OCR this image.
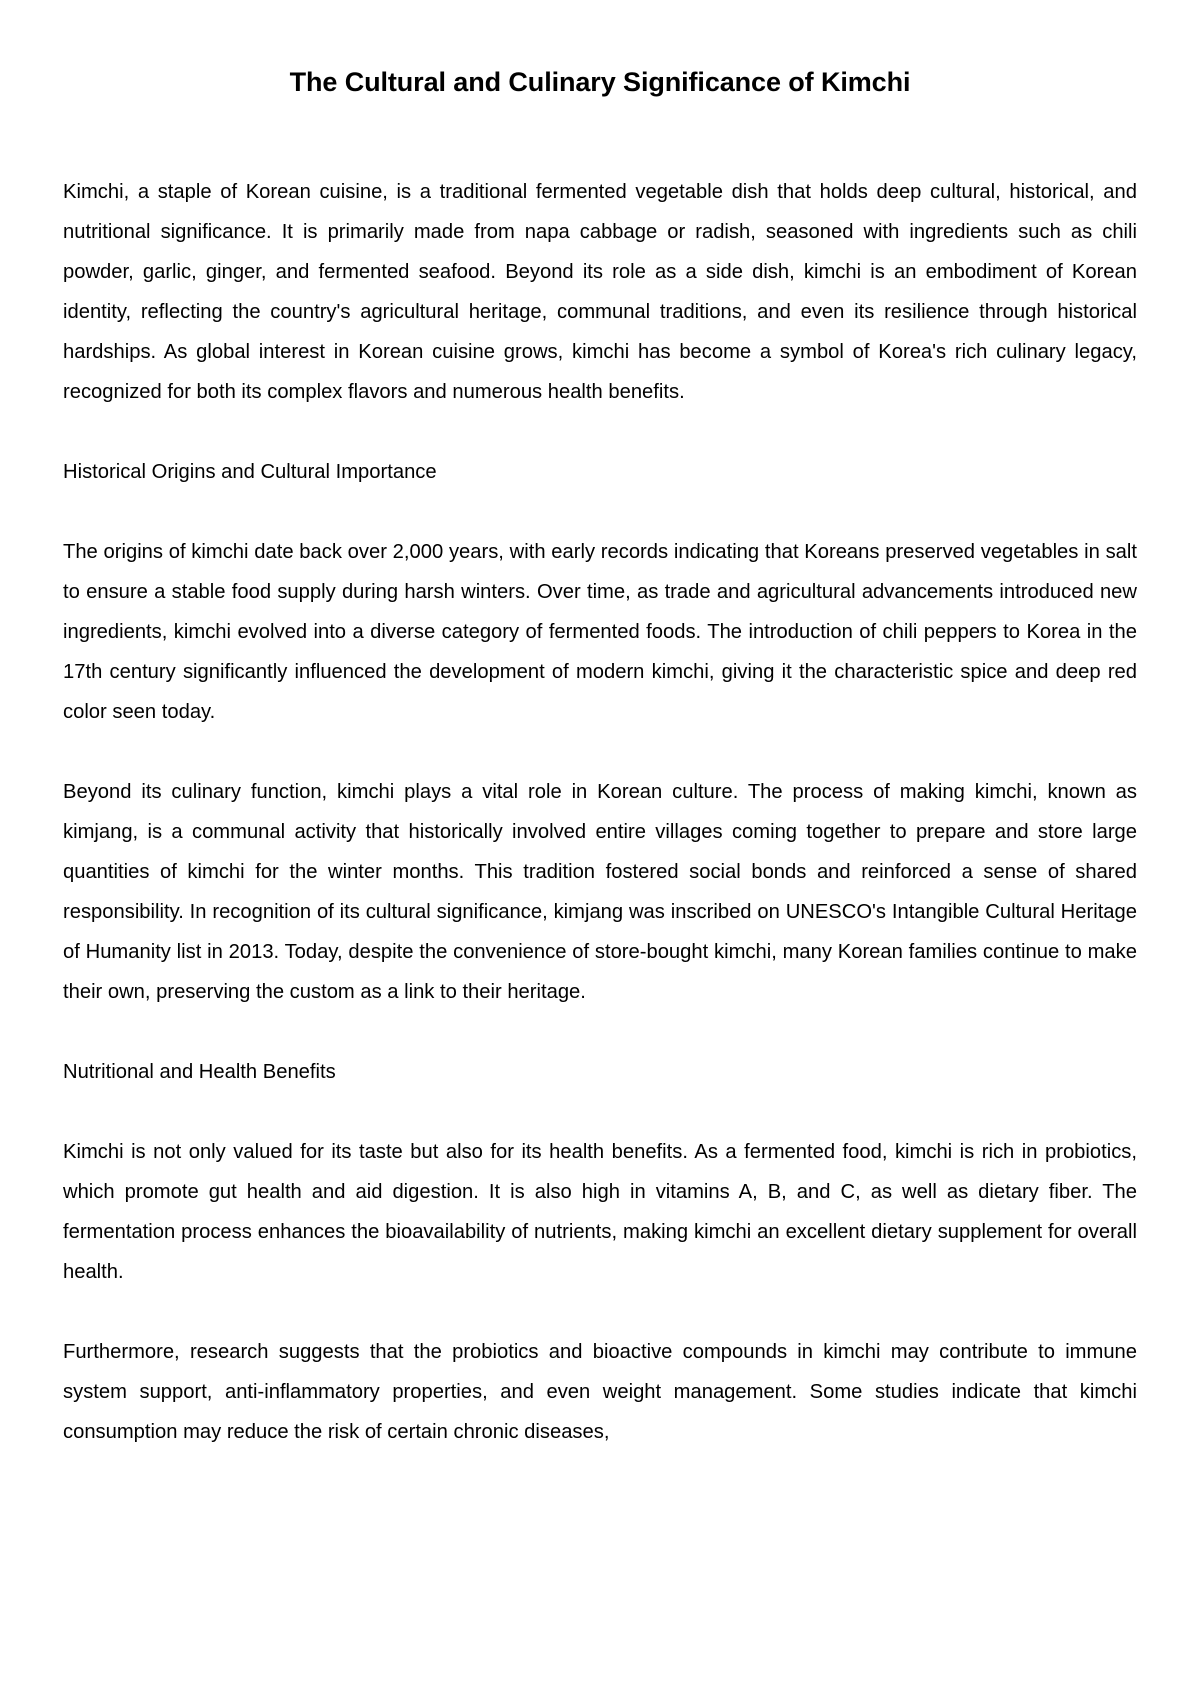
The Cultural and Culinary Significance of Kimchi

Kimchi, a staple of Korean cuisine, is a traditional fermented vegetable dish that holds deep cultural, historical, and nutritional significance. It is primarily made from napa cabbage or radish, seasoned with ingredients such as chili powder, garlic, ginger, and fermented seafood. Beyond its role as a side dish, kimchi is an embodiment of Korean identity, reflecting the country's agricultural heritage, communal traditions, and even its resilience through historical hardships. As global interest in Korean cuisine grows, kimchi has become a symbol of Korea's rich culinary legacy, recognized for both its complex flavors and numerous health benefits.

Historical Origins and Cultural Importance

The origins of kimchi date back over 2,000 years, with early records indicating that Koreans preserved vegetables in salt to ensure a stable food supply during harsh winters. Over time, as trade and agricultural advancements introduced new ingredients, kimchi evolved into a diverse category of fermented foods. The introduction of chili peppers to Korea in the 17th century significantly influenced the development of modern kimchi, giving it the characteristic spice and deep red color seen today.

Beyond its culinary function, kimchi plays a vital role in Korean culture. The process of making kimchi, known as kimjang, is a communal activity that historically involved entire villages coming together to prepare and store large quantities of kimchi for the winter months. This tradition fostered social bonds and reinforced a sense of shared responsibility. In recognition of its cultural significance, kimjang was inscribed on UNESCO's Intangible Cultural Heritage of Humanity list in 2013. Today, despite the convenience of store-bought kimchi, many Korean families continue to make their own, preserving the custom as a link to their heritage.

Nutritional and Health Benefits

Kimchi is not only valued for its taste but also for its health benefits. As a fermented food, kimchi is rich in probiotics, which promote gut health and aid digestion. It is also high in vitamins A, B, and C, as well as dietary fiber. The fermentation process enhances the bioavailability of nutrients, making kimchi an excellent dietary supplement for overall health.

Furthermore, research suggests that the probiotics and bioactive compounds in kimchi may contribute to immune system support, anti-inflammatory properties, and even weight management. Some studies indicate that kimchi consumption may reduce the risk of certain chronic diseases,
